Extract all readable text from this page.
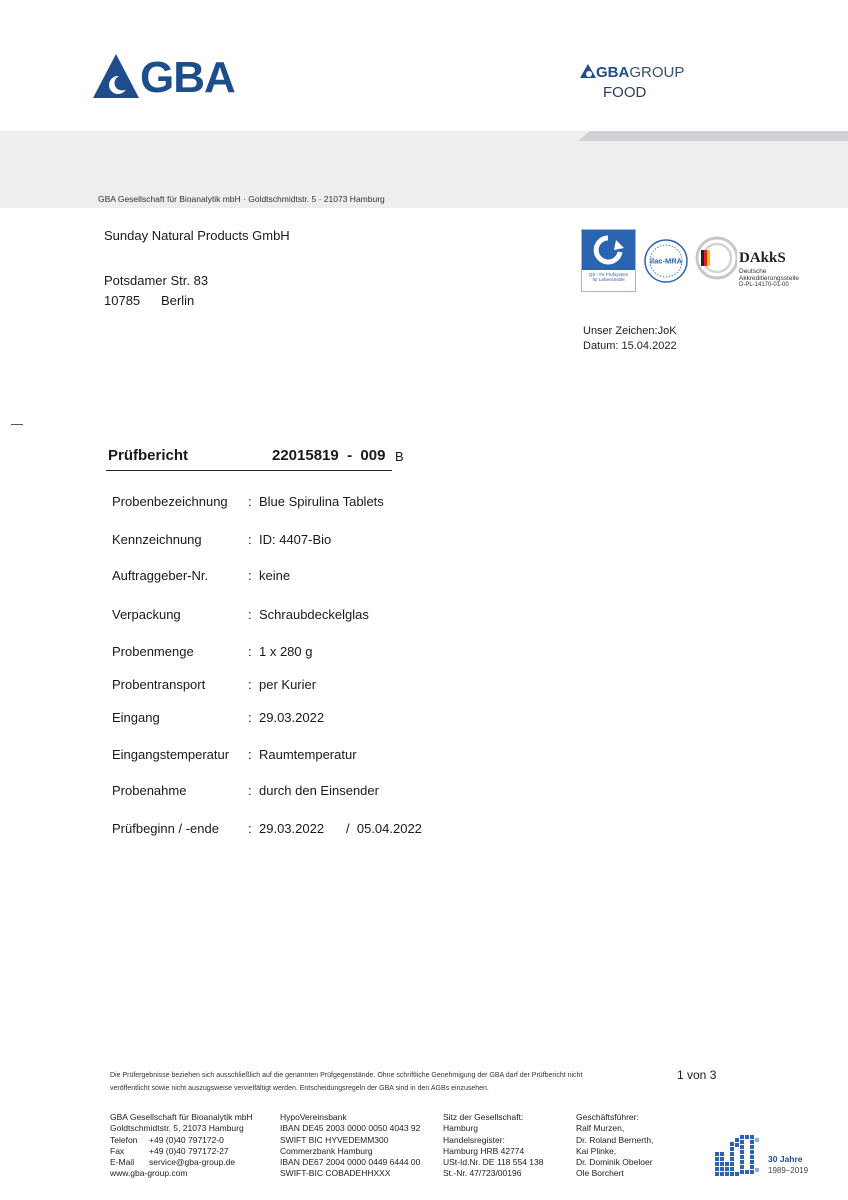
GBA	GBAGROUP
FOOD
GBA Gesellschaft für Bioanalytik mbH · Goldtschmidtstr. 5 · 21073 Hamburg
Sunday Natural Products GmbH
Potsdamer Str. 83
10785 Berlin
QS - Ihr Prüfsystem
für Lebensmittel
ilac-MRA	DAkkS
Deutsche
Akkreditierungsstelle
D-PL-14170-01-00
Unser Zeichen:JoK
Datum: 15.04.2022
Prüfbericht	22015819  -  009 B
Probenbezeichnung : Blue Spirulina Tablets
Kennzeichnung	: ID: 4407-Bio
Auftraggeber-Nr.	: keine
Verpackung	: Schraubdeckelglas
Probenmenge	: 1 x 280 g
Probentransport	: per Kurier
Eingang	: 29.03.2022
Eingangstemperatur : Raumtemperatur
Probenahme	: durch den Einsender
Prüfbeginn / -ende : 29.03.2022 /  05.04.2022
Die Prüfergebnisse beziehen sich ausschließlich auf die genannten Prüfgegenstände. Ohne schriftliche Genehmigung der GBA darf der Prüfbericht nicht
veröffentlicht sowie nicht auszugsweise vervielfältigt werden. Entscheidungsregeln der GBA sind in den AGBs einzusehen.
1 von 3
GBA Gesellschaft für Bioanalytik mbH
Goldtschmidtstr. 5, 21073 Hamburg
Telefon +49 (0)40 797172-0
Fax	+49 (0)40 797172-27
E-Mail service@gba-group.de
www.gba-group.com
HypoVereinsbank
IBAN DE45 2003 0000 0050 4043 92
SWIFT BIC HYVEDEMM300
Commerzbank Hamburg
IBAN DE67 2004 0000 0449 6444 00
SWIFT-BIC COBADEHHXXX
Sitz der Gesellschaft:
Hamburg
Handelsregister:
Hamburg HRB 42774
USt-Id.Nr. DE 118 554 138
St.-Nr. 47/723/00196
Geschäftsführer:
Ralf Murzen,
Dr. Roland Bernerth,
Kai Plinke,
Dr. Dominik Obeloer
Ole Borchert
30 Jahre
1989–2019
